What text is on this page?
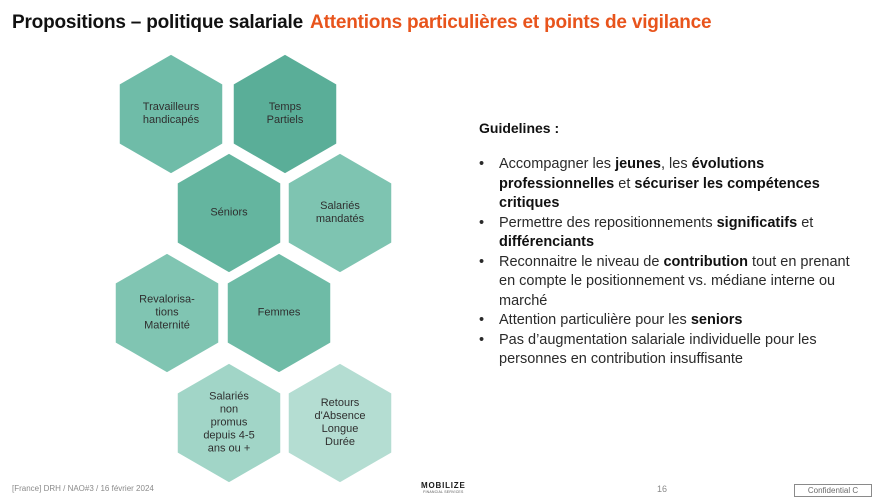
Propositions – politique salariale Attentions particulières et points de vigilance
Travailleurs
handicapés
Temps
Partiels
Séniors
Salariés
mandatés
Revalorisa-
tions
Maternité
Femmes
Salariés
non
promus
depuis 4-5
ans ou +
Retours
d'Absence
Longue
Durée
Guidelines :
• Accompagner les jeunes, les évolutions professionnelles et sécuriser les compétences critiques
• Permettre des repositionnements significatifs et différenciants
• Reconnaitre le niveau de contribution tout en prenant en compte le positionnement vs. médiane interne ou marché
• Attention particulière pour les seniors
• Pas d’augmentation salariale individuelle pour les personnes en contribution insuffisante
[France] DRH / NAO#3 / 16 février 2024	MOBILIZE
FINANCIAL SERVICES	16	Confidential C
